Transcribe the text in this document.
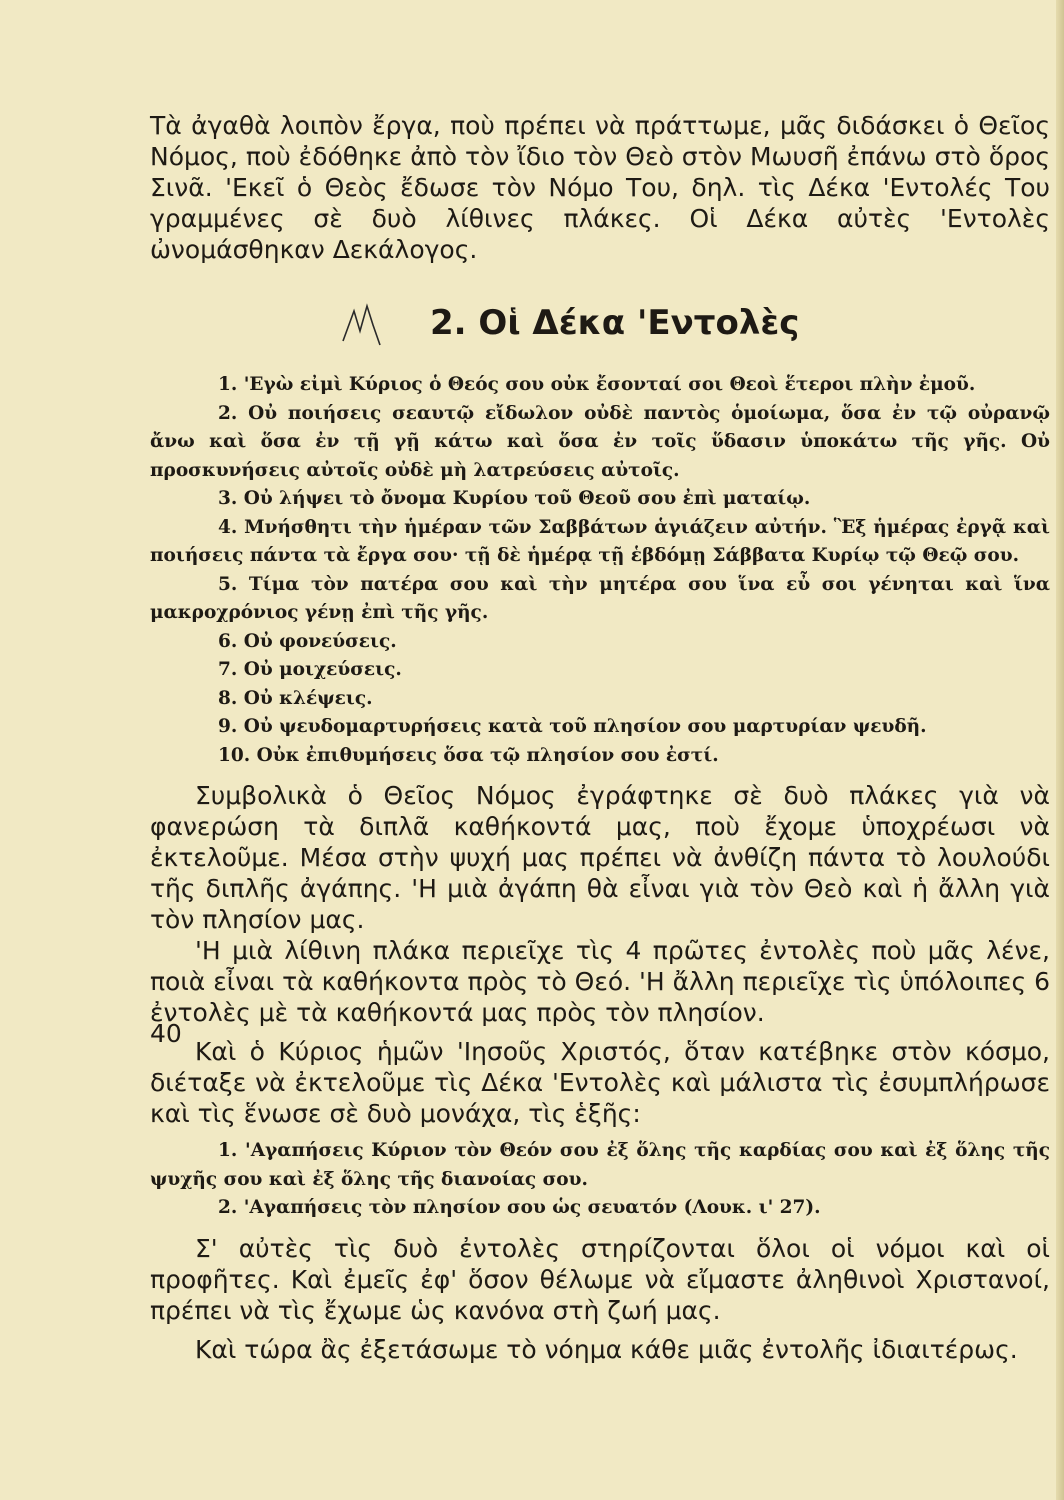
Τὰ ἀγαθὰ λοιπὸν ἔργα, ποὺ πρέπει νὰ πράττωμε, μᾶς διδάσκει ὁ Θεῖος Νόμος, ποὺ ἐδόθηκε ἀπὸ τὸν ἴδιο τὸν Θεὸ στὸν Μωυσῆ ἐπάνω στὸ ὅρος Σινᾶ. 'Εκεῖ ὁ Θεὸς ἔδωσε τὸν Νόμο Του, δηλ. τὶς Δέκα 'Εντολές Του γραμμένες σὲ δυὸ λίθινες πλάκες. Οἱ Δέκα αὐτὲς 'Εντολὲς ὠνομάσθηκαν Δεκάλογος.

2. Οἱ Δέκα 'Εντολὲς

1. 'Εγὼ εἰμὶ Κύριος ὁ Θεός σου οὐκ ἔσονταί σοι Θεοὶ ἕτεροι πλὴν ἐμοῦ.

2. Οὐ ποιήσεις σεαυτῷ εἴδωλον οὐδὲ παντὸς ὁμοίωμα, ὅσα ἐν τῷ οὐρανῷ ἄνω καὶ ὅσα ἐν τῇ γῇ κάτω καὶ ὅσα ἐν τοῖς ὕδασιν ὑποκάτω τῆς γῆς. Οὐ προσκυνήσεις αὐτοῖς οὐδὲ μὴ λατρεύσεις αὐτοῖς.

3. Οὐ λήψει τὸ ὄνομα Κυρίου τοῦ Θεοῦ σου ἐπὶ ματαίῳ.

4. Μνήσθητι τὴν ἡμέραν τῶν Σαββάτων ἁγιάζειν αὐτήν. Ἓξ ἡμέρας ἐργᾷ καὶ ποιήσεις πάντα τὰ ἔργα σου· τῇ δὲ ἡμέρᾳ τῇ ἑβδόμῃ Σάββατα Κυρίῳ τῷ Θεῷ σου.

5. Τίμα τὸν πατέρα σου καὶ τὴν μητέρα σου ἵνα εὖ σοι γένηται καὶ ἵνα μακροχρόνιος γένῃ ἐπὶ τῆς γῆς.

6. Οὐ φονεύσεις.

7. Οὐ μοιχεύσεις.

8. Οὐ κλέψεις.

9. Οὐ ψευδομαρτυρήσεις κατὰ τοῦ πλησίον σου μαρτυρίαν ψευδῆ.

10. Οὐκ ἐπιθυμήσεις ὅσα τῷ πλησίον σου ἐστί.

Συμβολικὰ ὁ Θεῖος Νόμος ἐγράφτηκε σὲ δυὸ πλάκες γιὰ νὰ φανερώση τὰ διπλᾶ καθήκοντά μας, ποὺ ἔχομε ὑποχρέωσι νὰ ἐκτελοῦμε. Μέσα στὴν ψυχή μας πρέπει νὰ ἀνθίζη πάντα τὸ λουλούδι τῆς διπλῆς ἀγάπης. 'Η μιὰ ἀγάπη θὰ εἶναι γιὰ τὸν Θεὸ καὶ ἡ ἄλλη γιὰ τὸν πλησίον μας.

'Η μιὰ λίθινη πλάκα περιεῖχε τὶς 4 πρῶτες ἐντολὲς ποὺ μᾶς λένε, ποιὰ εἶναι τὰ καθήκοντα πρὸς τὸ Θεό. 'Η ἄλλη περιεῖχε τὶς ὑπόλοιπες 6 ἐντολὲς μὲ τὰ καθήκοντά μας πρὸς τὸν πλησίον.

Καὶ ὁ Κύριος ἡμῶν 'Ιησοῦς Χριστός, ὅταν κατέβηκε στὸν κόσμο, διέταξε νὰ ἐκτελοῦμε τὶς Δέκα 'Εντολὲς καὶ μάλιστα τὶς ἐσυμπλήρωσε καὶ τὶς ἕνωσε σὲ δυὸ μονάχα, τὶς ἑξῆς:

1. 'Αγαπήσεις Κύριον τὸν Θεόν σου ἐξ ὅλης τῆς καρδίας σου καὶ ἐξ ὅλης τῆς ψυχῆς σου καὶ ἐξ ὅλης τῆς διανοίας σου.

2. 'Αγαπήσεις τὸν πλησίον σου ὡς σευατόν (Λουκ. ι' 27).

Σ' αὐτὲς τὶς δυὸ ἐντολὲς στηρίζονται ὅλοι οἱ νόμοι καὶ οἱ προφῆτες. Καὶ ἐμεῖς ἐφ' ὅσον θέλωμε νὰ εἴμαστε ἀληθινοὶ Χριστανοί, πρέπει νὰ τὶς ἔχωμε ὡς κανόνα στὴ ζωή μας.

Καὶ τώρα ἂς ἐξετάσωμε τὸ νόημα κάθε μιᾶς ἐντολῆς ἰδιαιτέρως.

40
